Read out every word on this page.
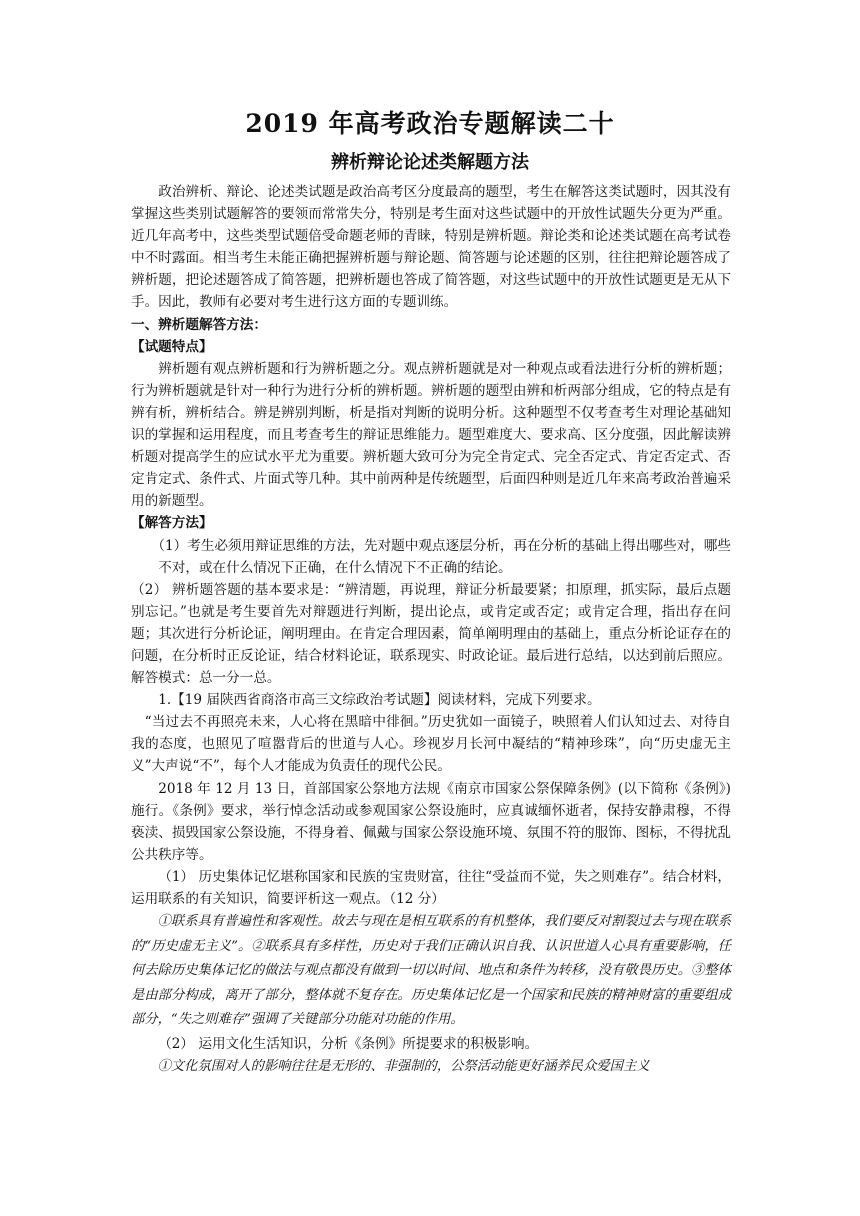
2019 年高考政治专题解读二十
辨析辩论论述类解题方法

政治辨析、辩论、论述类试题是政治高考区分度最高的题型，考生在解答这类试题时，因其没有掌握这些类别试题解答的要领而常常失分，特别是考生面对这些试题中的开放性试题失分更为严重。近几年高考中，这些类型试题倍受命题老师的青睐，特别是辨析题。辩论类和论述类试题在高考试卷中不时露面。相当考生未能正确把握辨析题与辩论题、简答题与论述题的区别，往往把辩论题答成了辨析题，把论述题答成了简答题，把辨析题也答成了简答题，对这些试题中的开放性试题更是无从下手。因此，教师有必要对考生进行这方面的专题训练。

一、辨析题解答方法：

【试题特点】

辨析题有观点辨析题和行为辨析题之分。观点辨析题就是对一种观点或看法进行分析的辨析题；行为辨析题就是针对一种行为进行分析的辨析题。辨析题的题型由辨和析两部分组成，它的特点是有辨有析，辨析结合。辨是辨别判断，析是指对判断的说明分析。这种题型不仅考查考生对理论基础知识的掌握和运用程度，而且考查考生的辩证思维能力。题型难度大、要求高、区分度强，因此解读辨析题对提高学生的应试水平尤为重要。辨析题大致可分为完全肯定式、完全否定式、肯定否定式、否定肯定式、条件式、片面式等几种。其中前两种是传统题型，后面四种则是近几年来高考政治普遍采用的新题型。

【解答方法】

（1）考生必须用辩证思维的方法，先对题中观点逐层分析，再在分析的基础上得出哪些对，哪些不对，或在什么情况下正确，在什么情况下不正确的结论。

（2） 辨析题答题的基本要求是：“辨清题，再说理，辩证分析最要紧；扣原理，抓实际，最后点题别忘记。”也就是考生要首先对辩题进行判断，提出论点，或肯定或否定；或肯定合理，指出存在问题；其次进行分析论证，阐明理由。在肯定合理因素，简单阐明理由的基础上，重点分析论证存在的问题，在分析时正反论证，结合材料论证，联系现实、时政论证。最后进行总结，以达到前后照应。解答模式：总一分一总。

1.【19 届陕西省商洛市高三文综政治考试题】阅读材料，完成下列要求。

“当过去不再照亮未来，人心将在黑暗中徘徊。”历史犹如一面镜子，映照着人们认知过去、对待自我的态度，也照见了喧嚣背后的世道与人心。珍视岁月长河中凝结的“精神珍珠”，向“历史虚无主义”大声说“不”，每个人才能成为负责任的现代公民。

2018 年 12 月 13 日，首部国家公祭地方法规《南京市国家公祭保障条例》(以下简称《条例》)施行。《条例》要求，举行悼念活动或参观国家公祭设施时，应真诚缅怀逝者，保持安静肃穆，不得亵渎、损毁国家公祭设施，不得身着、佩戴与国家公祭设施环境、氛围不符的服饰、图标，不得扰乱公共秩序等。

（1） 历史集体记忆堪称国家和民族的宝贵财富，往往“受益而不觉，失之则难存”。结合材料，运用联系的有关知识，简要评析这一观点。（12 分）

①联系具有普遍性和客观性。故去与现在是相互联系的有机整体，我们要反对割裂过去与现在联系的“历史虚无主义”。②联系具有多样性，历史对于我们正确认识自我、认识世道人心具有重要影响，任何去除历史集体记忆的做法与观点都没有做到一切以时间、地点和条件为转移，没有敬畏历史。③整体是由部分构成，离开了部分，整体就不复存在。历史集体记忆是一个国家和民族的精神财富的重要组成部分，“失之则难存”强调了关键部分功能对功能的作用。

（2） 运用文化生活知识，分析《条例》所提要求的积极影响。

①文化氛围对人的影响往往是无形的、非强制的，公祭活动能更好涵养民众爱国主义
